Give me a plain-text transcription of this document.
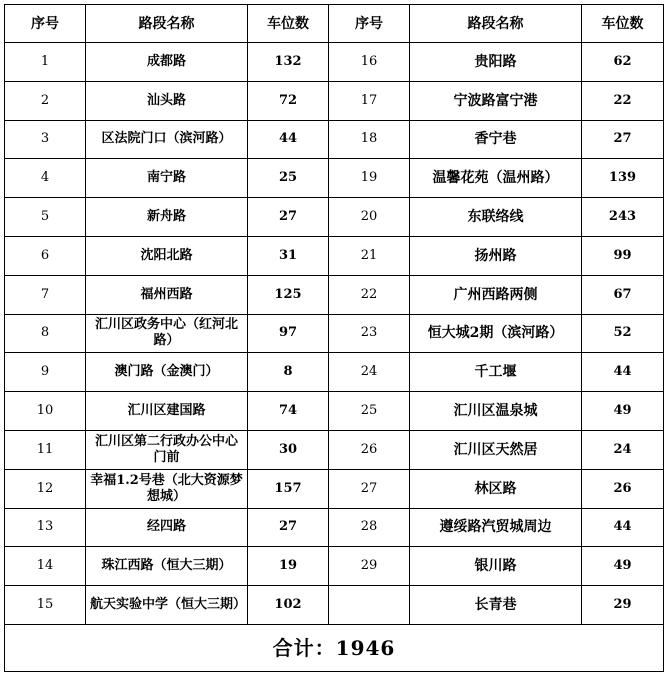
序号	路段名称	车位数	序号	路段名称	车位数
1	成都路	132	16	贵阳路	62
2	汕头路	72	17	宁波路富宁港	22
3	区法院门口（滨河路）	44	18	香宁巷	27
4	南宁路	25	19	温馨花苑（温州路）	139
5	新舟路	27	20	东联络线	243
6	沈阳北路	31	21	扬州路	99
7	福州西路	125	22	广州西路两侧	67
8	汇川区政务中心（红河北路）	97	23	恒大城2期（滨河路）	52
9	澳门路（金澳门）	8	24	千工堰	44
10	汇川区建国路	74	25	汇川区温泉城	49
11	汇川区第二行政办公中心门前	30	26	汇川区天然居	24
12	幸福1.2号巷（北大资源梦想城）	157	27	林区路	26
13	经四路	27	28	遵绥路汽贸城周边	44
14	珠江西路（恒大三期）	19	29	银川路	49
15	航天实验中学（恒大三期）	102		长青巷	29
合计：1946					
